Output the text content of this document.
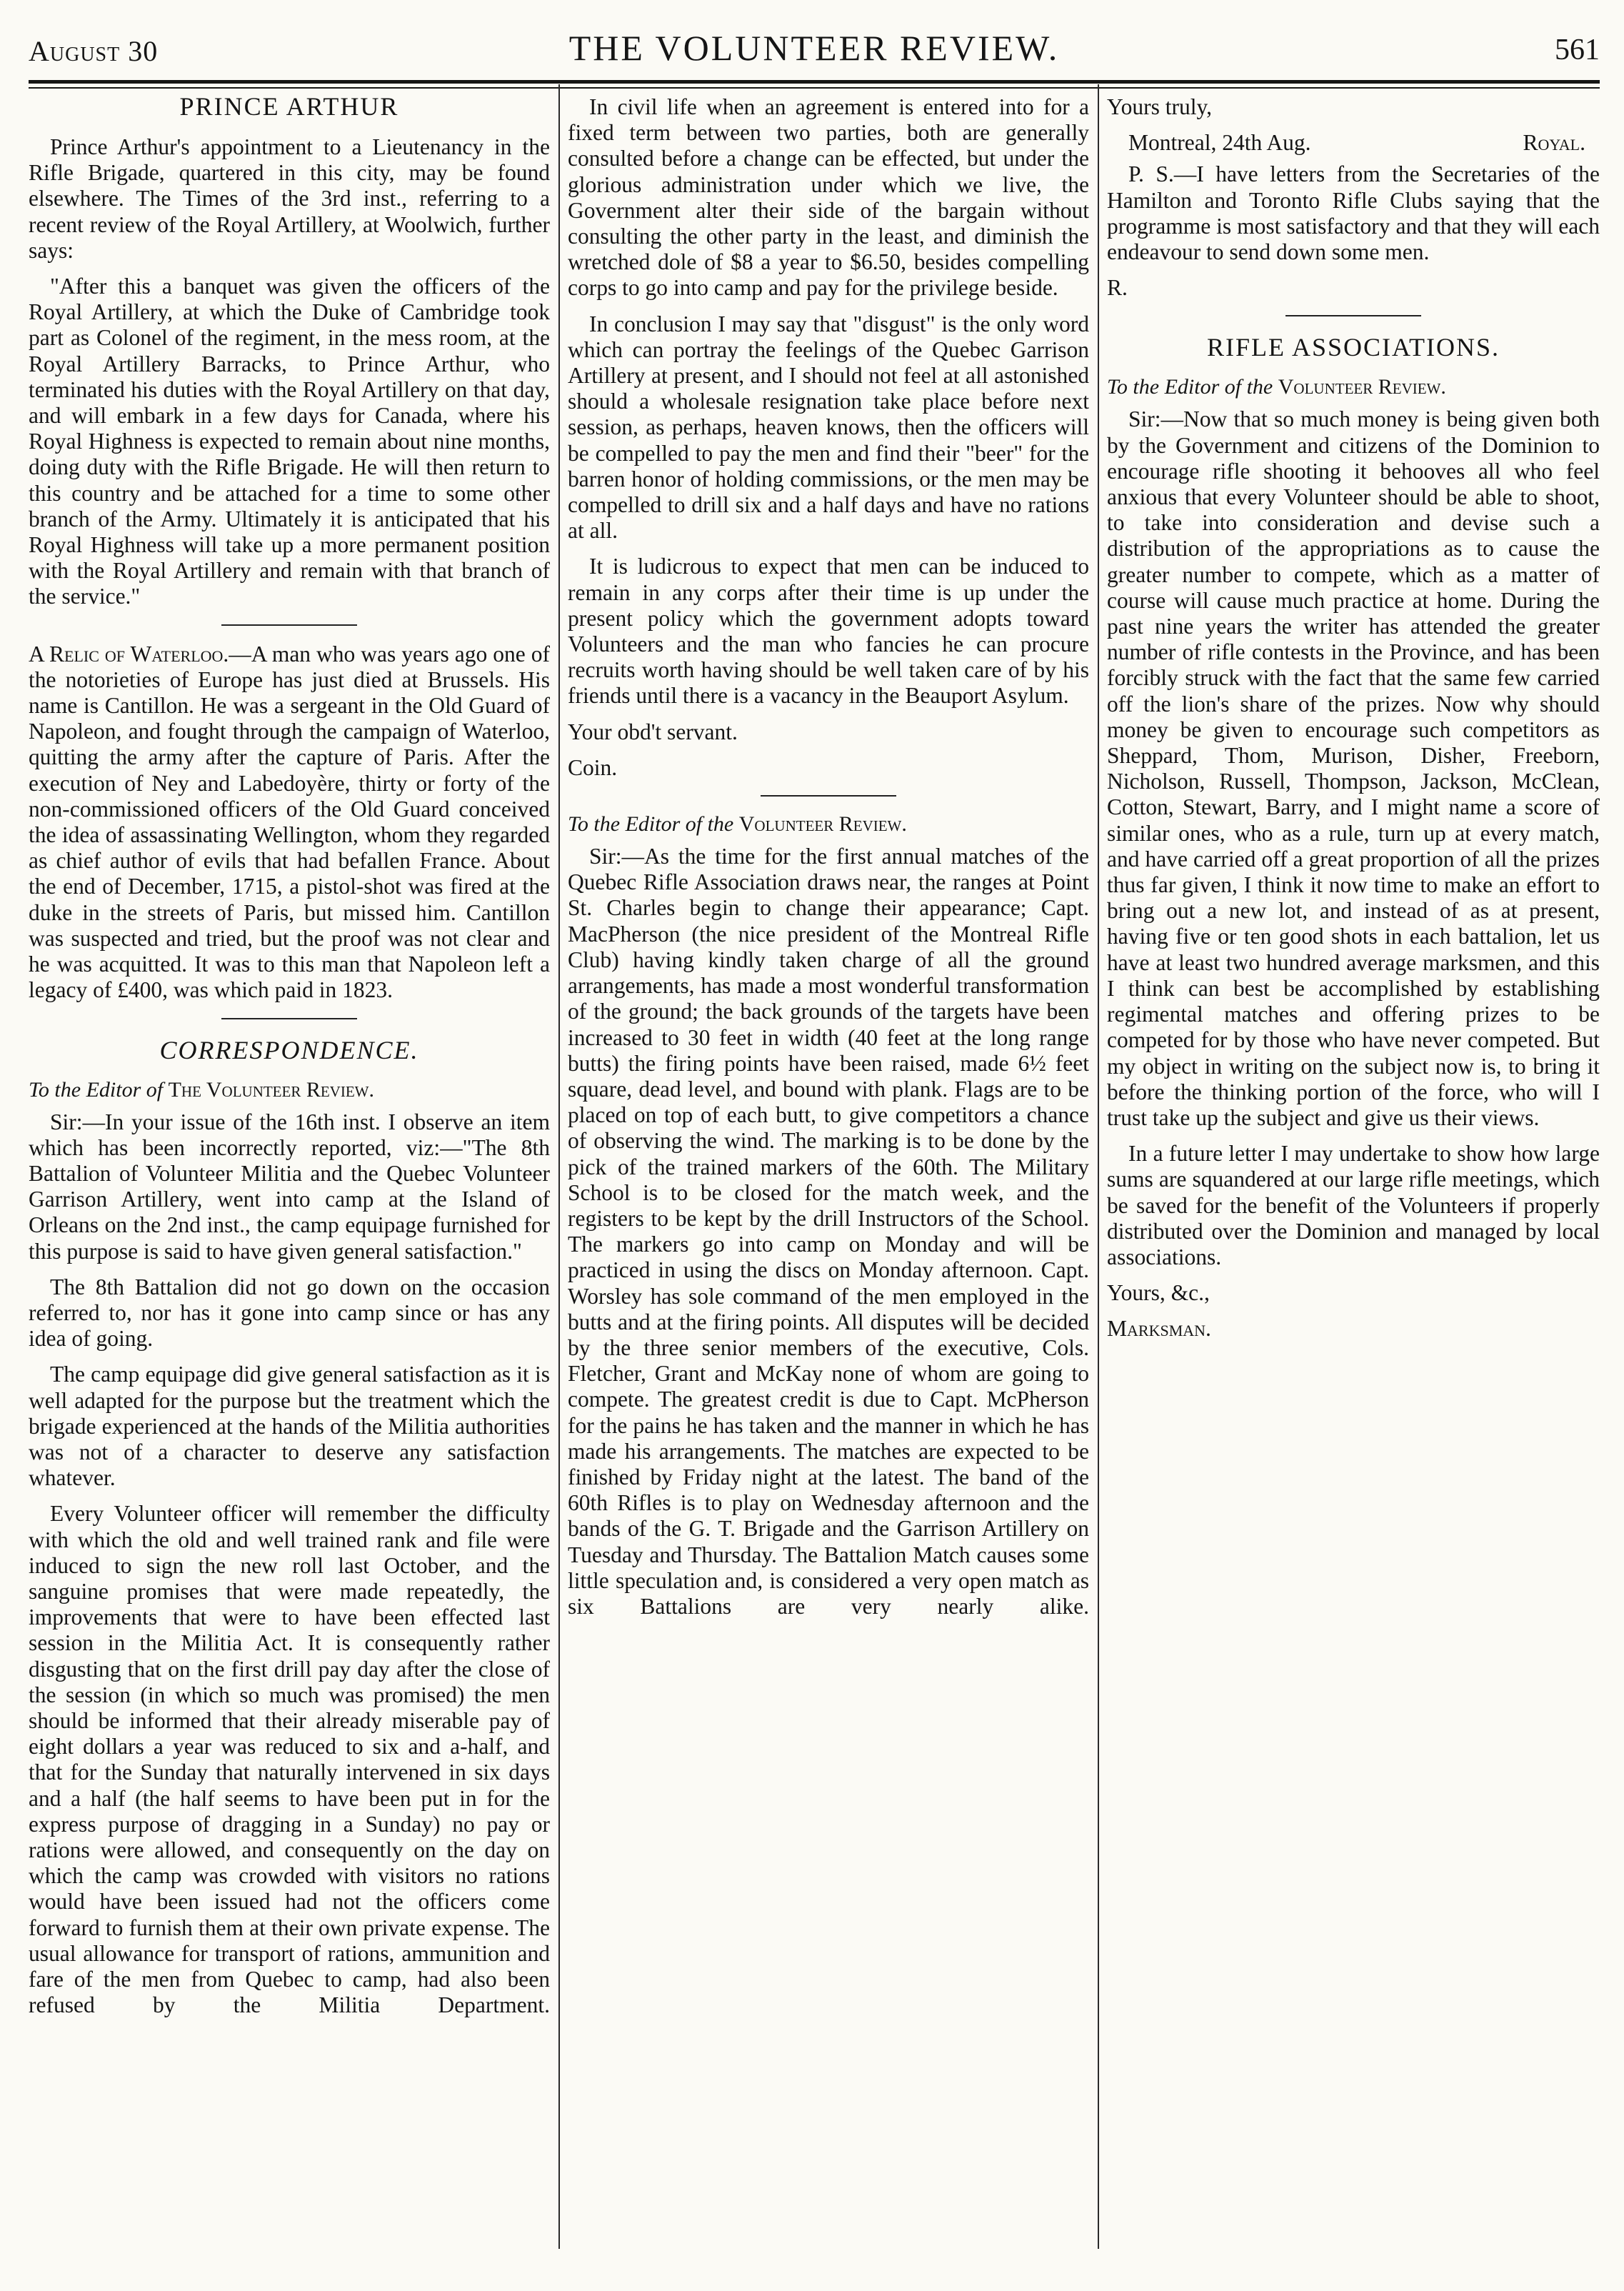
August 30	THE VOLUNTEER REVIEW.	561
PRINCE ARTHUR

Prince Arthur's appointment to a Lieutenancy in the Rifle Brigade, quartered in this city, may be found elsewhere. The Times of the 3rd inst., referring to a recent review of the Royal Artillery, at Woolwich, further says:

"After this a banquet was given the officers of the Royal Artillery, at which the Duke of Cambridge took part as Colonel of the regiment, in the mess room, at the Royal Artillery Barracks, to Prince Arthur, who terminated his duties with the Royal Artillery on that day, and will embark in a few days for Canada, where his Royal Highness is expected to remain about nine months, doing duty with the Rifle Brigade. He will then return to this country and be attached for a time to some other branch of the Army. Ultimately it is anticipated that his Royal Highness will take up a more permanent position with the Royal Artillery and remain with that branch of the service."

A Relic of Waterloo.—A man who was years ago one of the notorieties of Europe has just died at Brussels. His name is Cantillon. He was a sergeant in the Old Guard of Napoleon, and fought through the campaign of Waterloo, quitting the army after the capture of Paris. After the execution of Ney and Labedoyère, thirty or forty of the non-commissioned officers of the Old Guard conceived the idea of assassinating Wellington, whom they regarded as chief author of evils that had befallen France. About the end of December, 1715, a pistol-shot was fired at the duke in the streets of Paris, but missed him. Cantillon was suspected and tried, but the proof was not clear and he was acquitted. It was to this man that Napoleon left a legacy of £400, was which paid in 1823.

CORRESPONDENCE.
To the Editor of The Volunteer Review.

Sir:—In your issue of the 16th inst. I observe an item which has been incorrectly reported, viz:—"The 8th Battalion of Volunteer Militia and the Quebec Volunteer Garrison Artillery, went into camp at the Island of Orleans on the 2nd inst., the camp equipage furnished for this purpose is said to have given general satisfaction."

The 8th Battalion did not go down on the occasion referred to, nor has it gone into camp since or has any idea of going.

The camp equipage did give general satisfaction as it is well adapted for the purpose but the treatment which the brigade experienced at the hands of the Militia authorities was not of a character to deserve any satisfaction whatever.

Every Volunteer officer will remember the difficulty with which the old and well trained rank and file were induced to sign the new roll last October, and the sanguine promises that were made repeatedly, the improvements that were to have been effected last session in the Militia Act. It is consequently rather disgusting that on the first drill pay day after the close of the session (in which so much was promised) the men should be informed that their already miserable pay of eight dollars a year was reduced to six and a-half, and that for the Sunday that naturally intervened in six days and a half (the half seems to have been put in for the express purpose of dragging in a Sunday) no pay or rations were allowed, and consequently on the day on which the camp was crowded with visitors no rations would have been issued had not the officers come forward to furnish them at their own private expense. The usual allowance for transport of rations, ammunition and fare of the men from Quebec to camp, had also been refused by the Militia Department.

In civil life when an agreement is entered into for a fixed term between two parties, both are generally consulted before a change can be effected, but under the glorious administration under which we live, the Government alter their side of the bargain without consulting the other party in the least, and diminish the wretched dole of $8 a year to $6.50, besides compelling corps to go into camp and pay for the privilege beside.

In conclusion I may say that "disgust" is the only word which can portray the feelings of the Quebec Garrison Artillery at present, and I should not feel at all astonished should a wholesale resignation take place before next session, as perhaps, heaven knows, then the officers will be compelled to pay the men and find their "beer" for the barren honor of holding commissions, or the men may be compelled to drill six and a half days and have no rations at all.

It is ludicrous to expect that men can be induced to remain in any corps after their time is up under the present policy which the government adopts toward Volunteers and the man who fancies he can procure recruits worth having should be well taken care of by his friends until there is a vacancy in the Beauport Asylum.

Your obd't servant.

Coin.

To the Editor of the Volunteer Review.

Sir:—As the time for the first annual matches of the Quebec Rifle Association draws near, the ranges at Point St. Charles begin to change their appearance; Capt. MacPherson (the nice president of the Montreal Rifle Club) having kindly taken charge of all the ground arrangements, has made a most wonderful transformation of the ground; the back grounds of the targets have been increased to 30 feet in width (40 feet at the long range butts) the firing points have been raised, made 6½ feet square, dead level, and bound with plank. Flags are to be placed on top of each butt, to give competitors a chance of observing the wind. The marking is to be done by the pick of the trained markers of the 60th. The Military School is to be closed for the match week, and the registers to be kept by the drill Instructors of the School. The markers go into camp on Monday and will be practiced in using the discs on Monday afternoon. Capt. Worsley has sole command of the men employed in the butts and at the firing points. All disputes will be decided by the three senior members of the executive, Cols. Fletcher, Grant and McKay none of whom are going to compete. The greatest credit is due to Capt. McPherson for the pains he has taken and the manner in which he has made his arrangements. The matches are expected to be finished by Friday night at the latest. The band of the 60th Rifles is to play on Wednesday afternoon and the bands of the G. T. Brigade and the Garrison Artillery on Tuesday and Thursday. The Battalion Match causes some little speculation and, is considered a very open match as six Battalions are very nearly alike.

Yours truly,

Montreal, 24th Aug.	Royal.

P. S.—I have letters from the Secretaries of the Hamilton and Toronto Rifle Clubs saying that the programme is most satisfactory and that they will each endeavour to send down some men.

R.

RIFLE ASSOCIATIONS.
To the Editor of the Volunteer Review.

Sir:—Now that so much money is being given both by the Government and citizens of the Dominion to encourage rifle shooting it behooves all who feel anxious that every Volunteer should be able to shoot, to take into consideration and devise such a distribution of the appropriations as to cause the greater number to compete, which as a matter of course will cause much practice at home. During the past nine years the writer has attended the greater number of rifle contests in the Province, and has been forcibly struck with the fact that the same few carried off the lion's share of the prizes. Now why should money be given to encourage such competitors as Sheppard, Thom, Murison, Disher, Freeborn, Nicholson, Russell, Thompson, Jackson, McClean, Cotton, Stewart, Barry, and I might name a score of similar ones, who as a rule, turn up at every match, and have carried off a great proportion of all the prizes thus far given, I think it now time to make an effort to bring out a new lot, and instead of as at present, having five or ten good shots in each battalion, let us have at least two hundred average marksmen, and this I think can best be accomplished by establishing regimental matches and offering prizes to be competed for by those who have never competed. But my object in writing on the subject now is, to bring it before the thinking portion of the force, who will I trust take up the subject and give us their views.

In a future letter I may undertake to show how large sums are squandered at our large rifle meetings, which be saved for the benefit of the Volunteers if properly distributed over the Dominion and managed by local associations.

Yours, &c.,

Marksman.
